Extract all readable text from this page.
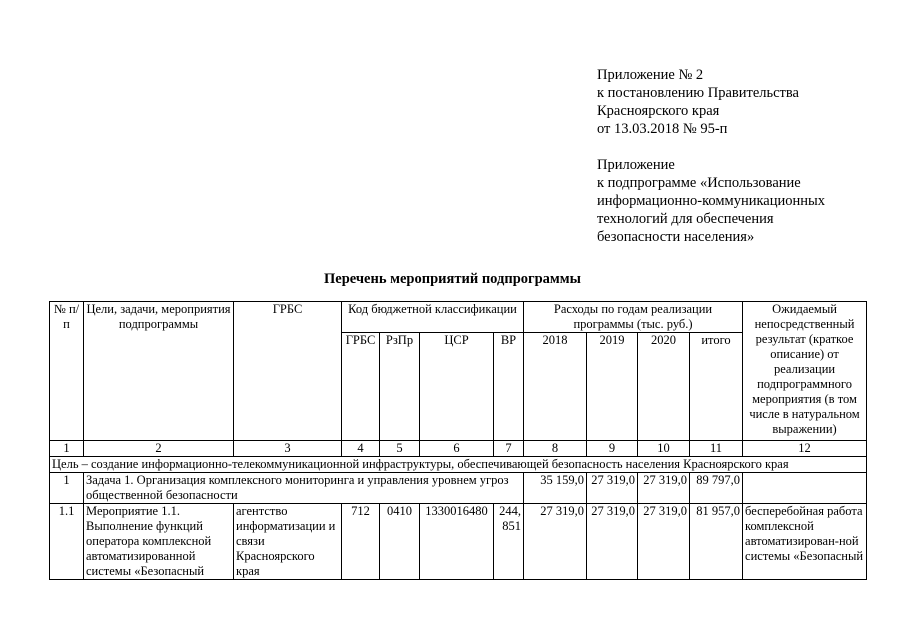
Приложение № 2
к постановлению Правительства
Красноярского края
от 13.03.2018 № 95-п
Приложение
к подпрограмме «Использование
информационно-коммуникационных
технологий для обеспечения
безопасности населения»
Перечень мероприятий подпрограммы
№ п/п	Цели, задачи, мероприятия подпрограммы	ГРБС	Код бюджетной классификации				Расходы по годам реализации программы (тыс. руб.)				Ожидаемый непосредственный результат (краткое описание) от реализации подпрограммного мероприятия (в том числе в натуральном выражении)
			ГРБС	РзПр	ЦСР	ВР	2018	2019	2020	итого	
1	2	3	4	5	6	7	8	9	10	11	12
Цель – создание информационно-телекоммуникационной инфраструктуры, обеспечивающей безопасность населения Красноярского края											
1	Задача 1. Организация комплексного мониторинга и управления уровнем угроз общественной безопасности						35 159,0	27 319,0	27 319,0	89 797,0	
1.1	Мероприятие 1.1. Выполнение функций оператора комплексной автоматизированной системы «Безопасный	агентство информатизации и связи Красноярского края	712	0410	1330016480	244, 851	27 319,0	27 319,0	27 319,0	81 957,0	бесперебойная работа комплексной автоматизирован-ной системы «Безопасный
